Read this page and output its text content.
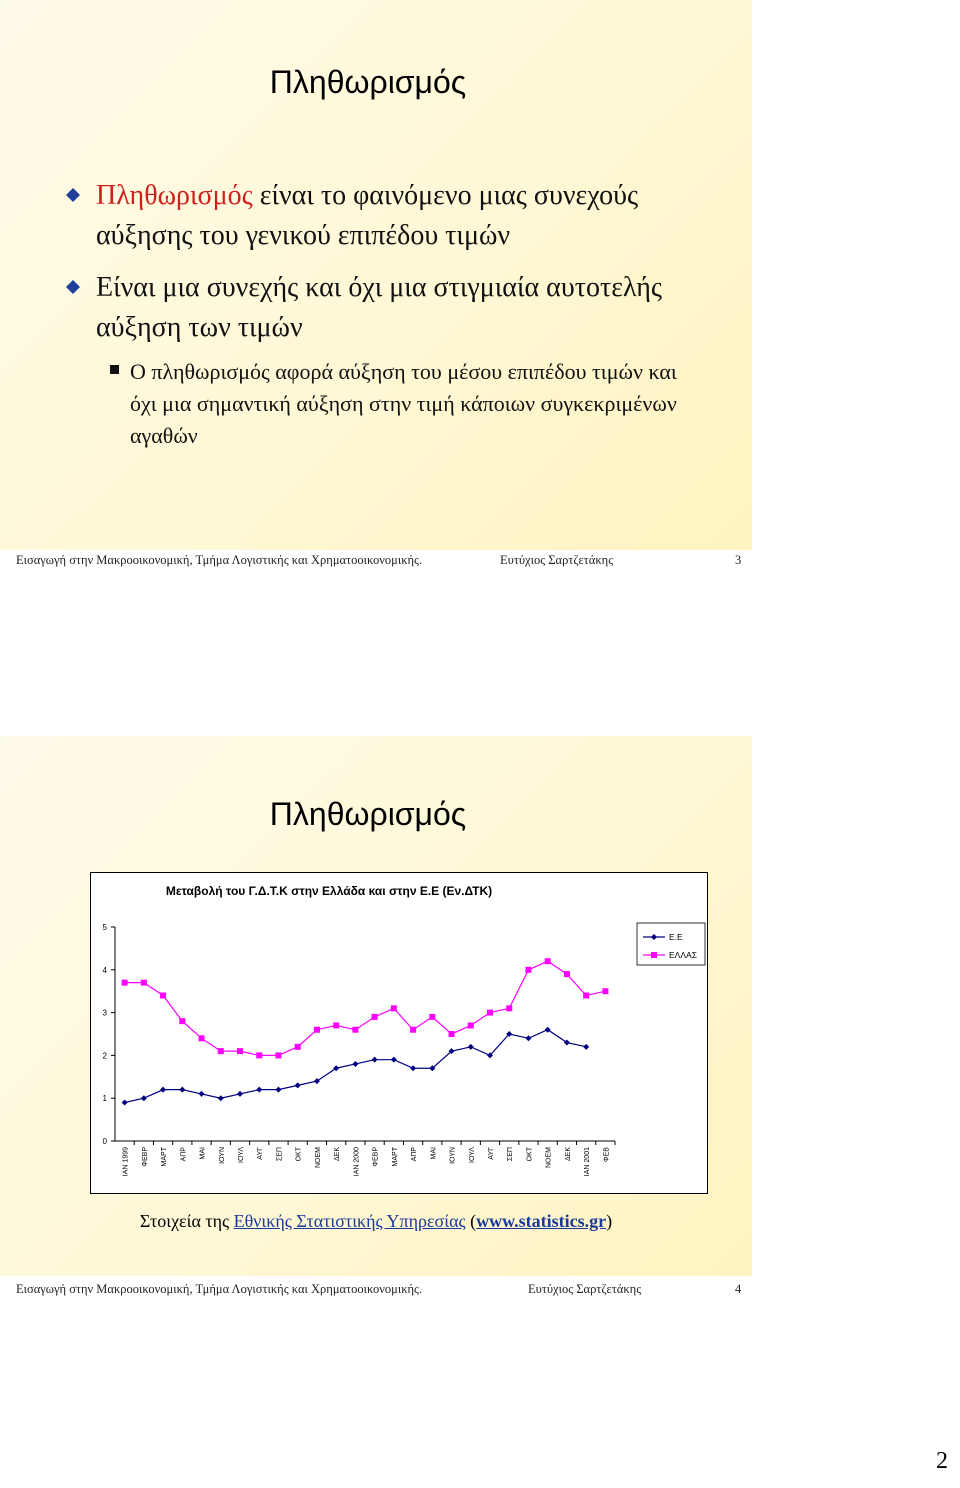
Πληθωρισμός
Πληθωρισμός είναι το φαινόμενο μιας συνεχούς αύξησης του γενικού επιπέδου τιμών
Είναι μια συνεχής και όχι μια στιγμιαία αυτοτελής αύξηση των τιμών
Ο πληθωρισμός αφορά αύξηση του μέσου επιπέδου τιμών και όχι μια σημαντική αύξηση στην τιμή κάποιων συγκεκριμένων αγαθών
Εισαγωγή στην Μακροοικονομική, Τμήμα Λογιστικής και Χρηματοοικονομικής.	Ευτύχιος Σαρτζετάκης	3
Πληθωρισμός
Μεταβολή του Γ.Δ.Τ.Κ στην Ελλάδα και στην Ε.Ε (Εν.ΔΤΚ)
0
1
2
3
4
5
ΙΑΝ 1999 ΦΕΒΡ ΜΑΡΤ ΑΠΡ ΜΑΙ ΙΟΥΝ ΙΟΥΛ ΑΥΓ ΣΕΠ ΟΚΤ ΝΟΕΜ ΔΕΚ ΙΑΝ 2000 ΦΕΒΡ ΜΑΡΤ ΑΠΡ ΜΑΙ ΙΟΥΝ ΙΟΥΛ ΑΥΓ ΣΕΠ ΟΚΤ ΝΟΕΜ ΔΕΚ ΙΑΝ 2001 ΦΕΒ
Ε.Ε
ΕΛΛΑΣ
Στοιχεία της Εθνικής Στατιστικής Υπηρεσίας (www.statistics.gr)
Εισαγωγή στην Μακροοικονομική, Τμήμα Λογιστικής και Χρηματοοικονομικής.	Ευτύχιος Σαρτζετάκης	4
2
